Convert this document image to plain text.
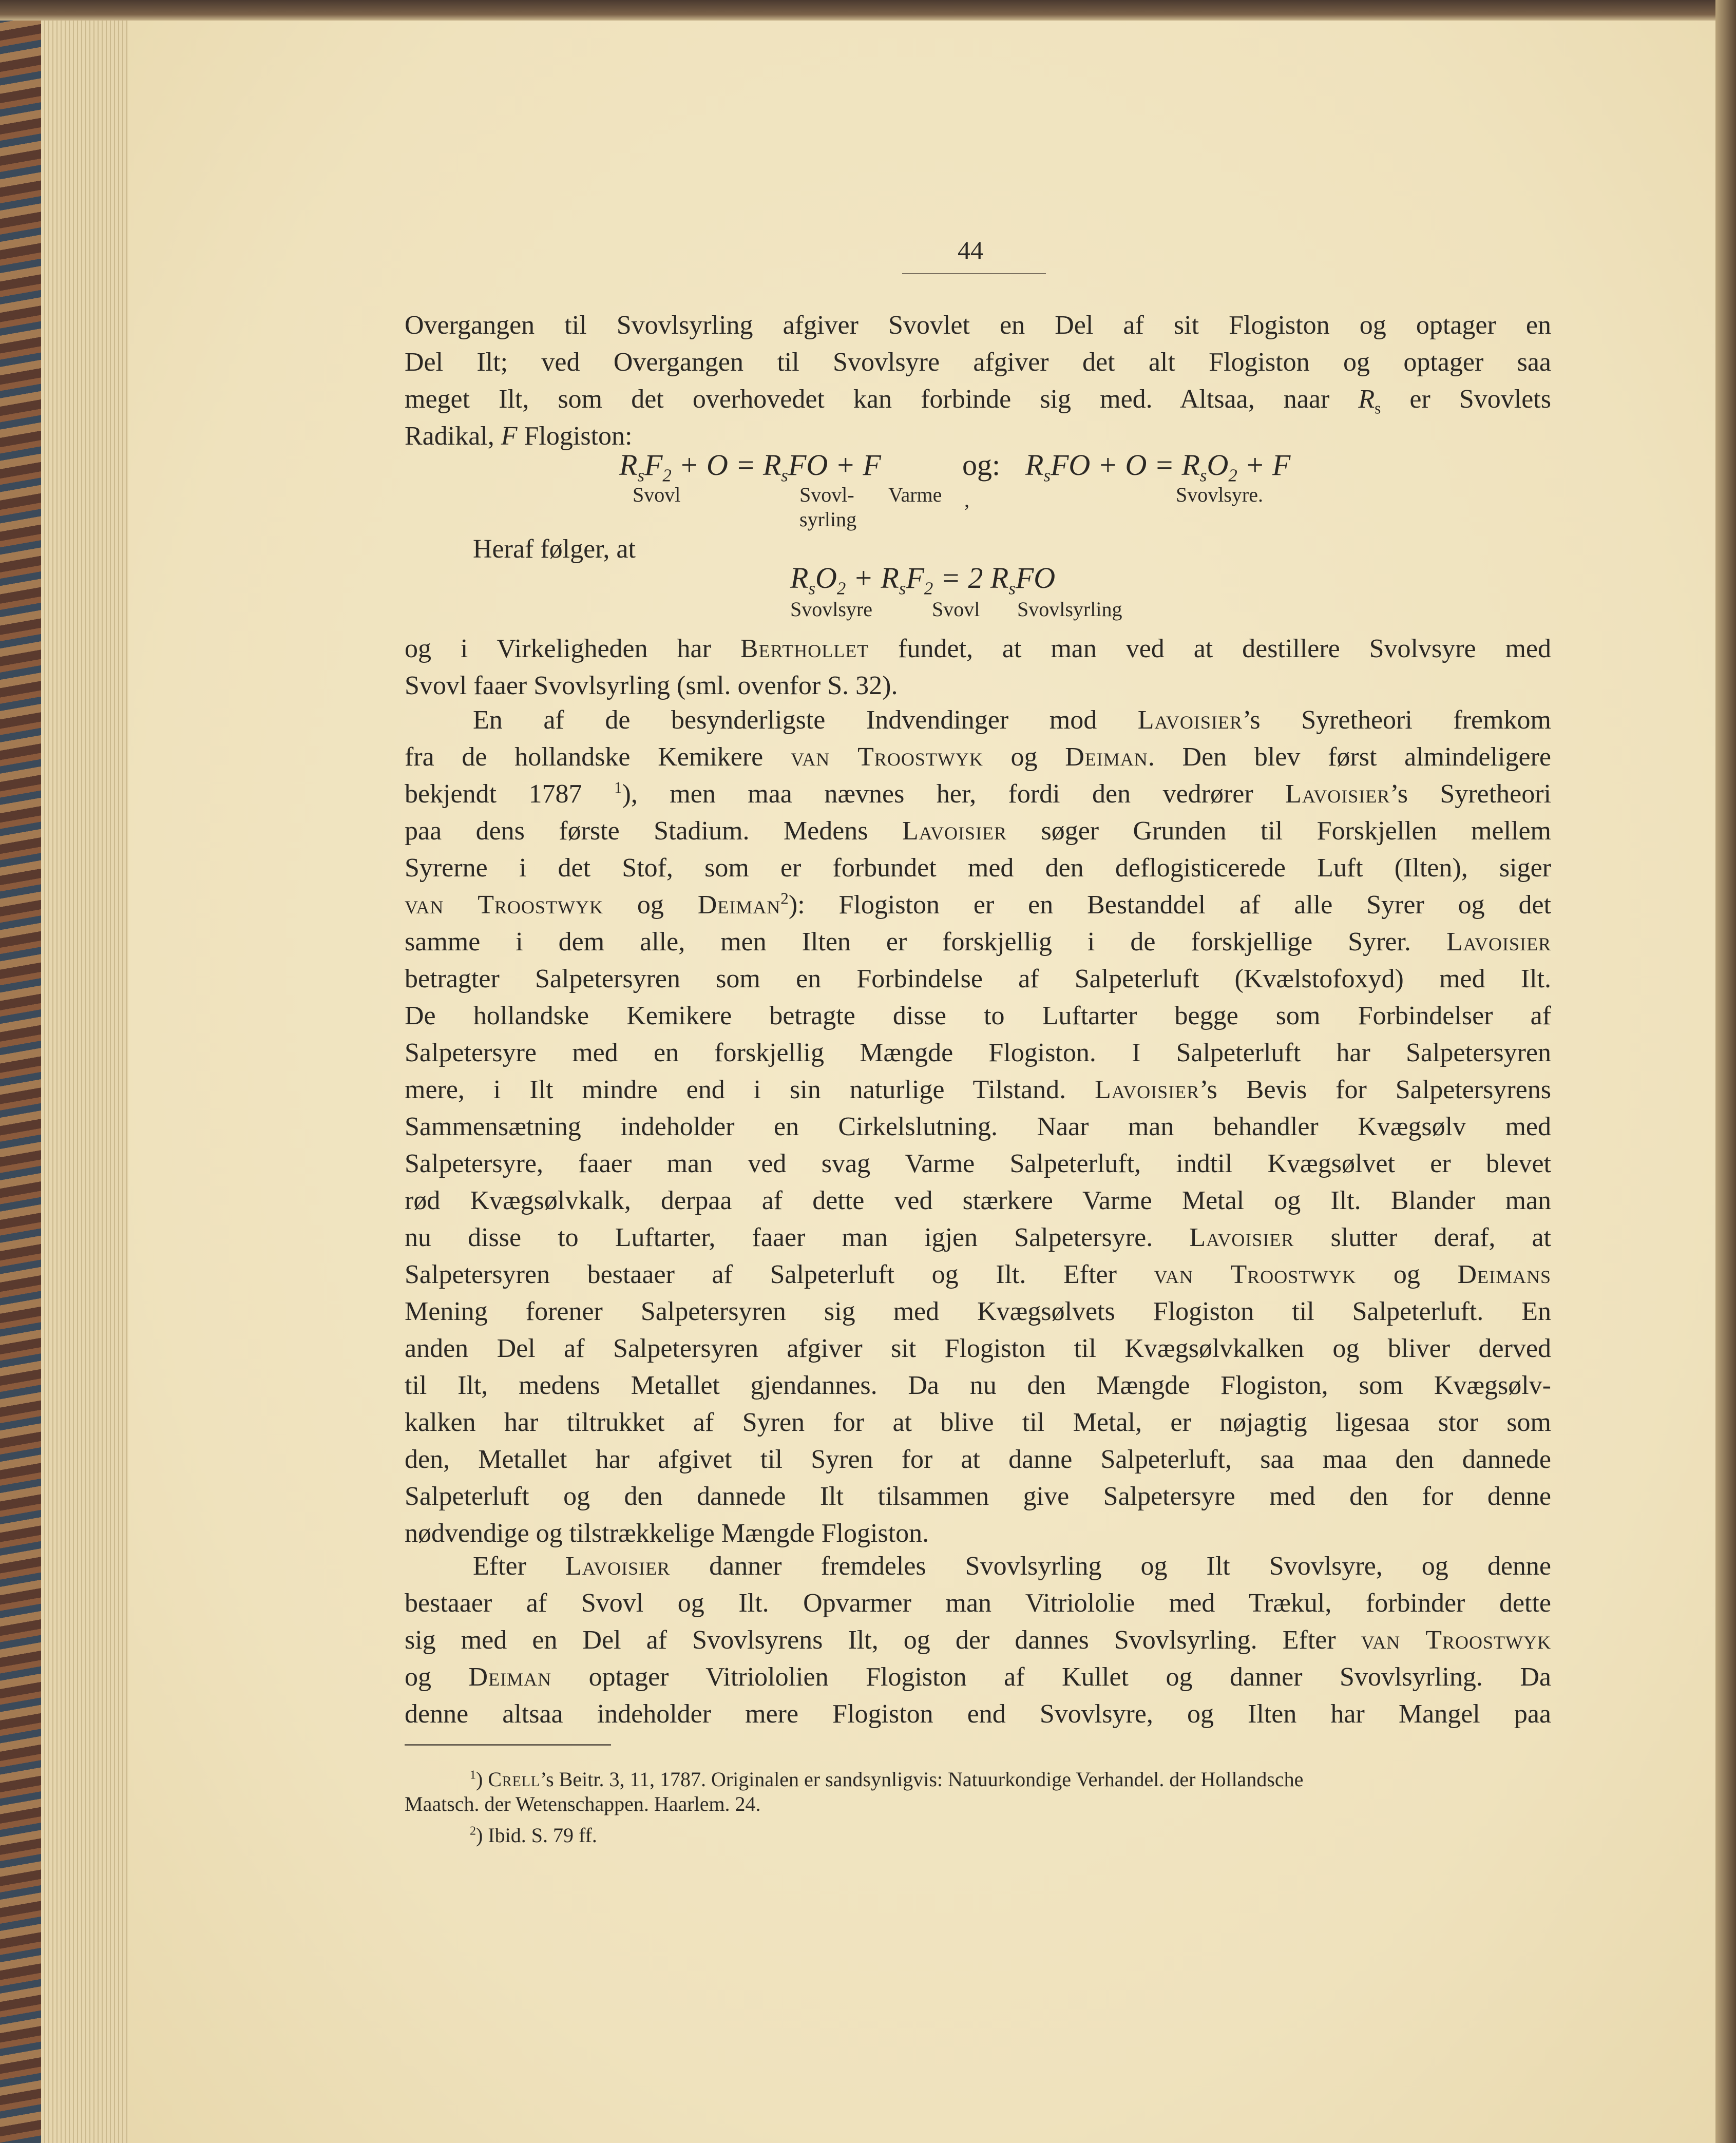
44
Overgangen til Svovlsyrling afgiver Svovlet en Del af sit Flogiston og optager en
Del Ilt; ved Overgangen til Svovlsyre afgiver det alt Flogiston og optager saa
meget Ilt, som det overhovedet kan forbinde sig med. Altsaa, naar $R_s$ er Svovlets
Radikal, F Flogiston:
$R_sF_2 + O = R_sFO + F$	og: $R_sFO + O = R_sO_2 + F$
Svovl	Svovl-
syrling
Varme ,	Svovlsyre.
Heraf følger, at
$R_sO_2 + R_sF_2 = 2$ $R_sFO$
Svovlsyre	Svovl Svovlsyrling
og i Virkeligheden har Berthollet fundet, at man ved at destillere Svolvsyre med
Svovl faaer Svovlsyrling (sml. ovenfor S. 32).
En af de besynderligste Indvendinger mod Lavoisier’s Syretheori fremkom
fra de hollandske Kemikere van Troostwyk og Deiman. Den blev først almindeligere
bekjendt 1787 $^1$), men maa nævnes her, fordi den vedrører Lavoisier’s Syretheori
paa dens første Stadium. Medens Lavoisier søger Grunden til Forskjellen mellem
Syrerne i det Stof, som er forbundet med den deflogisticerede Luft (Ilten), siger
van Troostwyk og Deiman$^2$): Flogiston er en Bestanddel af alle Syrer og det
samme i dem alle, men Ilten er forskjellig i de forskjellige Syrer. Lavoisier
betragter Salpetersyren som en Forbindelse af Salpeterluft (Kvælstofoxyd) med Ilt.
De hollandske Kemikere betragte disse to Luftarter begge som Forbindelser af
Salpetersyre med en forskjellig Mængde Flogiston. I Salpeterluft har Salpetersyren
mere, i Ilt mindre end i sin naturlige Tilstand. Lavoisier’s Bevis for Salpetersyrens
Sammensætning indeholder en Cirkelslutning. Naar man behandler Kvægsølv med
Salpetersyre, faaer man ved svag Varme Salpeterluft, indtil Kvægsølvet er blevet
rød Kvægsølvkalk, derpaa af dette ved stærkere Varme Metal og Ilt. Blander man
nu disse to Luftarter, faaer man igjen Salpetersyre. Lavoisier slutter deraf, at
Salpetersyren bestaaer af Salpeterluft og Ilt. Efter van Troostwyk og Deimans
Mening forener Salpetersyren sig med Kvægsølvets Flogiston til Salpeterluft. En
anden Del af Salpetersyren afgiver sit Flogiston til Kvægsølvkalken og bliver derved
til Ilt, medens Metallet gjendannes. Da nu den Mængde Flogiston, som Kvægsølv-
kalken har tiltrukket af Syren for at blive til Metal, er nøjagtig ligesaa stor som
den, Metallet har afgivet til Syren for at danne Salpeterluft, saa maa den dannede
Salpeterluft og den dannede Ilt tilsammen give Salpetersyre med den for denne
nødvendige og tilstrækkelige Mængde Flogiston.
Efter Lavoisier danner fremdeles Svovlsyrling og Ilt Svovlsyre, og denne
bestaaer af Svovl og Ilt. Opvarmer man Vitriololie med Trækul, forbinder dette
sig med en Del af Svovlsyrens Ilt, og der dannes Svovlsyrling. Efter van Troostwyk
og Deiman optager Vitriololien Flogiston af Kullet og danner Svovlsyrling. Da
denne altsaa indeholder mere Flogiston end Svovlsyre, og Ilten har Mangel paa
$^1$) Crell’s Beitr. 3, 11, 1787. Originalen er sandsynligvis: Natuurkondige Verhandel. der Hollandsche
Maatsch. der Wetenschappen. Haarlem. 24.
$^2$) Ibid. S. 79 ff.
